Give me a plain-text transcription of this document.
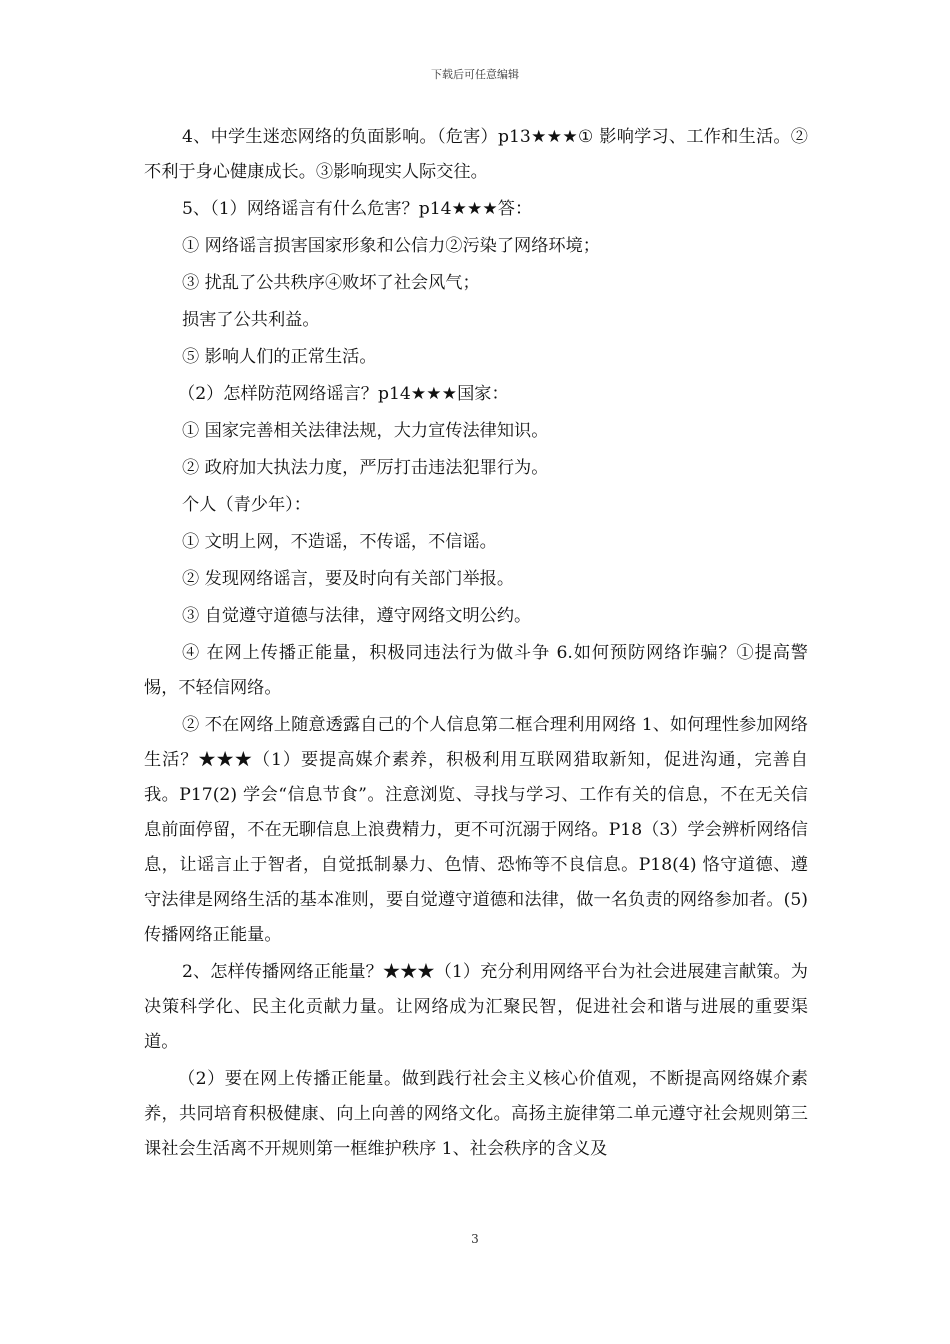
下载后可任意编辑

4、中学生迷恋网络的负面影响。（危害）p13★★★① 影响学习、工作和生活。②不利于身心健康成长。③影响现实人际交往。

5、（1）网络谣言有什么危害？p14★★★答：

① 网络谣言损害国家形象和公信力②污染了网络环境；

③ 扰乱了公共秩序④败坏了社会风气；

损害了公共利益。

⑤ 影响人们的正常生活。

（2）怎样防范网络谣言？p14★★★国家：

① 国家完善相关法律法规，大力宣传法律知识。

② 政府加大执法力度，严厉打击违法犯罪行为。

个人（青少年）：

① 文明上网，不造谣，不传谣，不信谣。

② 发现网络谣言，要及时向有关部门举报。

③ 自觉遵守道德与法律，遵守网络文明公约。

④ 在网上传播正能量，积极同违法行为做斗争 6.如何预防网络诈骗？①提高警惕，不轻信网络。

② 不在网络上随意透露自己的个人信息第二框合理利用网络 1、如何理性参加网络生活？★★★（1）要提高媒介素养，积极利用互联网猎取新知，促进沟通，完善自我。P17(2) 学会“信息节食”。注意浏览、寻找与学习、工作有关的信息，不在无关信息前面停留，不在无聊信息上浪费精力，更不可沉溺于网络。P18（3）学会辨析网络信息，让谣言止于智者，自觉抵制暴力、色情、恐怖等不良信息。P18(4) 恪守道德、遵守法律是网络生活的基本准则，要自觉遵守道德和法律，做一名负责的网络参加者。(5)传播网络正能量。

2、怎样传播网络正能量？★★★（1）充分利用网络平台为社会进展建言献策。为决策科学化、民主化贡献力量。让网络成为汇聚民智，促进社会和谐与进展的重要渠道。

（2）要在网上传播正能量。做到践行社会主义核心价值观，不断提高网络媒介素养，共同培育积极健康、向上向善的网络文化。高扬主旋律第二单元遵守社会规则第三课社会生活离不开规则第一框维护秩序 1、社会秩序的含义及

3
